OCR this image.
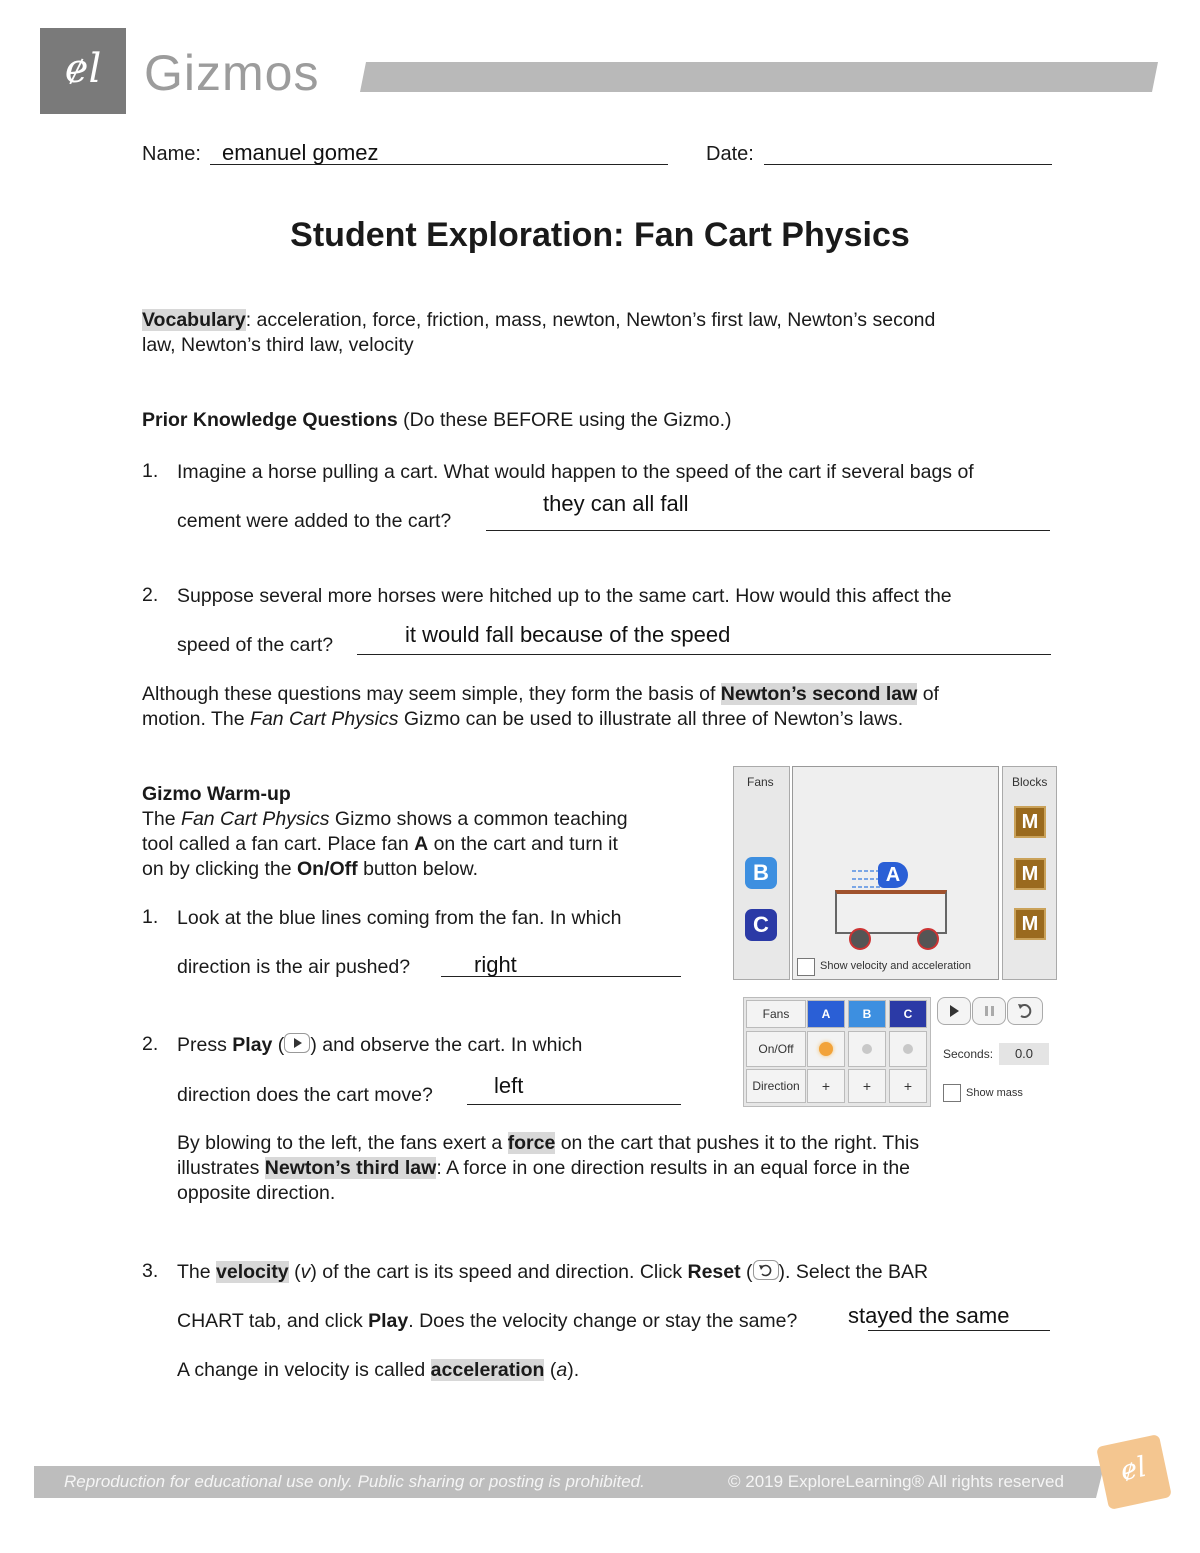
ɇl Gizmos
Name: emanuel gomez	Date:
Student Exploration: Fan Cart Physics

Vocabulary: acceleration, force, friction, mass, newton, Newton’s first law, Newton’s second

law, Newton’s third law, velocity

Prior Knowledge Questions (Do these BEFORE using the Gizmo.)

1. Imagine a horse pulling a cart. What would happen to the speed of the cart if several bags of

cement were added to the cart?

they can all fall
2. Suppose several more horses were hitched up to the same cart. How would this affect the

speed of the cart?	it would fall because of the speed

Although these questions may seem simple, they form the basis of Newton’s second law of

motion. The Fan Cart Physics Gizmo can be used to illustrate all three of Newton’s laws.

Gizmo Warm-up

The Fan Cart Physics Gizmo shows a common teaching

tool called a fan cart. Place fan A on the cart and turn it

on by clicking the On/Off button below.

1. Look at the blue lines coming from the fan. In which

direction is the air pushed?	right
2. Press Play ( ) and observe the cart. In which

direction does the cart move?	left

By blowing to the left, the fans exert a force on the cart that pushes it to the right. This

illustrates Newton’s third law: A force in one direction results in an equal force in the

opposite direction.

3. The velocity (v) of the cart is its speed and direction. Click Reset ( ). Select the BAR

CHART tab, and click Play. Does the velocity change or stay the same? stayed the same

A change in velocity is called acceleration (a).

Fans
B
C
A
Show velocity and acceleration
Blocks
M
M
M
Fans	A	B	C
On/Off
Direction	+	+	+
Seconds:	0.0
Show mass
Reproduction for educational use only. Public sharing or posting is prohibited.	© 2019 ExploreLearning® All rights reserved	ɇl
